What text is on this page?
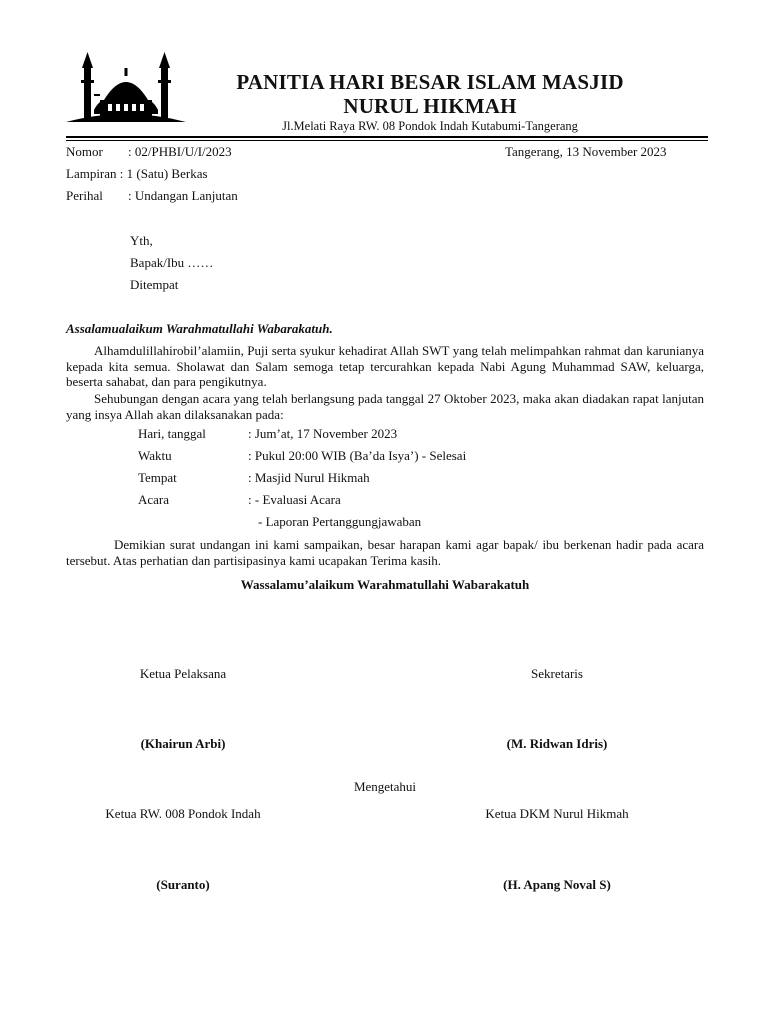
PANITIA HARI BESAR ISLAM MASJID
NURUL HIKMAH
Jl.Melati Raya RW. 08 Pondok Indah Kutabumi-Tangerang
Nomor : 02/PHBI/U/I/2023	Tangerang, 13 November 2023
Lampiran : 1 (Satu) Berkas
Perihal : Undangan Lanjutan
Yth,
Bapak/Ibu ……
Ditempat
Assalamualaikum Warahmatullahi Wabarakatuh.
Alhamdulillahirobil’alamiin, Puji serta syukur kehadirat Allah SWT yang telah melimpahkan rahmat dan karunianya kepada kita semua. Sholawat dan Salam semoga tetap tercurahkan kepada Nabi Agung Muhammad SAW, keluarga, beserta sahabat, dan para pengikutnya.
Sehubungan dengan acara yang telah berlangsung pada tanggal 27 Oktober 2023, maka akan diadakan rapat lanjutan yang insya Allah akan dilaksanakan pada:
Hari, tanggal	: Jum’at, 17 November 2023
Waktu	: Pukul 20:00 WIB (Ba’da Isya’) - Selesai
Tempat	: Masjid Nurul Hikmah
Acara	: - Evaluasi Acara
- Laporan Pertanggungjawaban
Demikian surat undangan ini kami sampaikan, besar harapan kami agar bapak/ ibu berkenan hadir pada acara tersebut. Atas perhatian dan partisipasinya kami ucapakan Terima kasih.
Wassalamu’alaikum Warahmatullahi Wabarakatuh
Ketua Pelaksana
(Khairun Arbi)
Sekretaris
(M. Ridwan Idris)
Mengetahui
Ketua RW. 008 Pondok Indah
(Suranto)
Ketua DKM Nurul Hikmah
(H. Apang Noval S)
